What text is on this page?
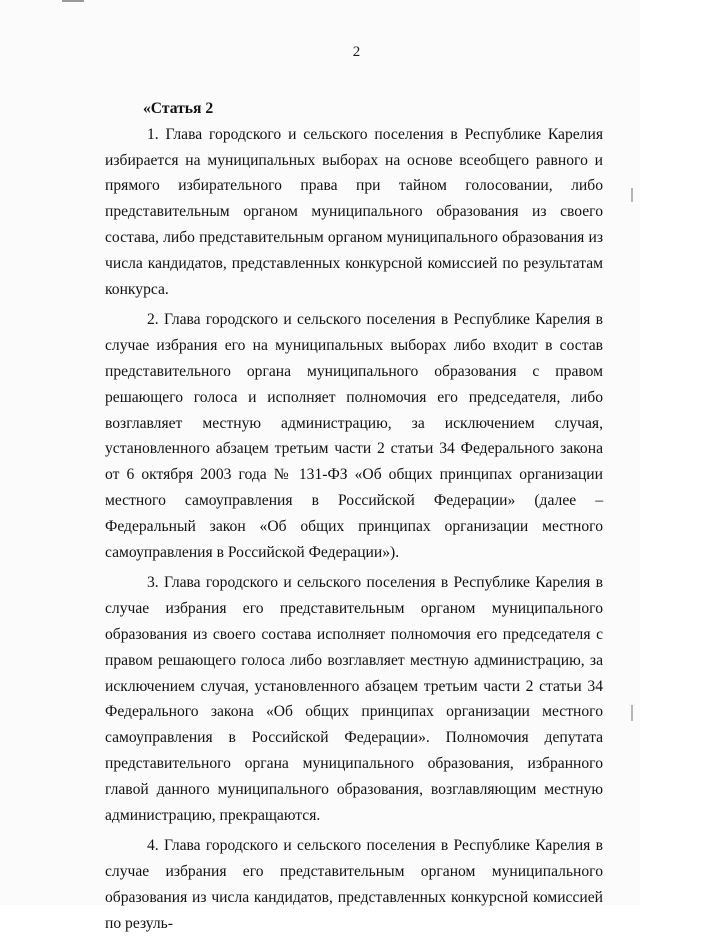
2

«Статья 2

1. Глава городского и сельского поселения в Республике Карелия избирается на муниципальных выборах на основе всеобщего равного и прямого избирательного права при тайном голосовании, либо представительным органом муниципального образования из своего состава, либо представительным органом муниципального образования из числа кандидатов, представленных конкурсной комиссией по результатам конкурса.

2. Глава городского и сельского поселения в Республике Карелия в случае избрания его на муниципальных выборах либо входит в состав представительного органа муниципального образования с правом решающего голоса и исполняет полномочия его председателя, либо возглавляет местную администрацию, за исключением случая, установленного абзацем третьим части 2 статьи 34 Федерального закона от 6 октября 2003 года № 131-ФЗ «Об общих принципах организации местного самоуправления в Российской Федерации» (далее – Федеральный закон «Об общих принципах организации местного самоуправления в Российской Федерации»).

3. Глава городского и сельского поселения в Республике Карелия в случае избрания его представительным органом муниципального образования из своего состава исполняет полномочия его председателя с правом решающего голоса либо возглавляет местную администрацию, за исключением случая, установленного абзацем третьим части 2 статьи 34 Федерального закона «Об общих принципах организации местного самоуправления в Российской Федерации». Полномочия депутата представительного органа муниципального образования, избранного главой данного муниципального образования, возглавляющим местную администрацию, прекращаются.

4. Глава городского и сельского поселения в Республике Карелия в случае избрания его представительным органом муниципального образования из числа кандидатов, представленных конкурсной комиссией по резуль-
